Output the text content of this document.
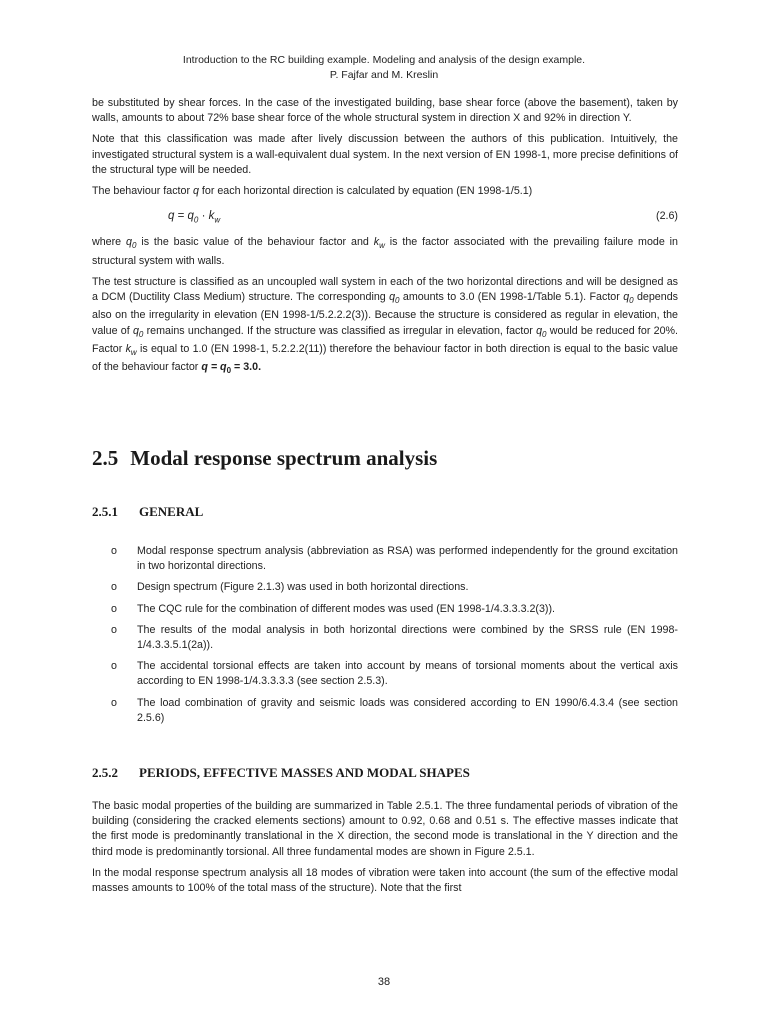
Introduction to the RC building example. Modeling and analysis of the design example.
P. Fajfar and M. Kreslin

be substituted by shear forces. In the case of the investigated building, base shear force (above the basement), taken by walls, amounts to about 72% base shear force of the whole structural system in direction X and 92% in direction Y.

Note that this classification was made after lively discussion between the authors of this publication. Intuitively, the investigated structural system is a wall-equivalent dual system. In the next version of EN 1998-1, more precise definitions of the structural type will be needed.

The behaviour factor q for each horizontal direction is calculated by equation (EN 1998-1/5.1)

$q = q_0 \cdot k_w$	(2.6)

where $q_0$ is the basic value of the behaviour factor and $k_w$ is the factor associated with the prevailing failure mode in structural system with walls.

The test structure is classified as an uncoupled wall system in each of the two horizontal directions and will be designed as a DCM (Ductility Class Medium) structure. The corresponding $q_0$ amounts to 3.0 (EN 1998-1/Table 5.1). Factor $q_0$ depends also on the irregularity in elevation (EN 1998-1/5.2.2.2(3)). Because the structure is considered as regular in elevation, the value of $q_0$ remains unchanged. If the structure was classified as irregular in elevation, factor $q_0$ would be reduced for 20%. Factor $k_w$ is equal to 1.0 (EN 1998-1, 5.2.2.2(11)) therefore the behaviour factor in both direction is equal to the basic value of the behaviour factor $q = q_0 = 3.0$.

2.5 Modal response spectrum analysis
2.5.1 GENERAL
o Modal response spectrum analysis (abbreviation as RSA) was performed independently for the ground excitation in two horizontal directions.
o Design spectrum (Figure 2.1.3) was used in both horizontal directions.
o The CQC rule for the combination of different modes was used (EN 1998-1/4.3.3.3.2(3)).
o The results of the modal analysis in both horizontal directions were combined by the SRSS rule (EN 1998-1/4.3.3.5.1(2a)).
o The accidental torsional effects are taken into account by means of torsional moments about the vertical axis according to EN 1998-1/4.3.3.3.3 (see section 2.5.3).
o The load combination of gravity and seismic loads was considered according to EN 1990/6.4.3.4 (see section 2.5.6)
2.5.2 PERIODS, EFFECTIVE MASSES AND MODAL SHAPES

The basic modal properties of the building are summarized in Table 2.5.1. The three fundamental periods of vibration of the building (considering the cracked elements sections) amount to 0.92, 0.68 and 0.51 s. The effective masses indicate that the first mode is predominantly translational in the X direction, the second mode is translational in the Y direction and the third mode is predominantly torsional. All three fundamental modes are shown in Figure 2.5.1.

In the modal response spectrum analysis all 18 modes of vibration were taken into account (the sum of the effective modal masses amounts to 100% of the total mass of the structure). Note that the first

38
